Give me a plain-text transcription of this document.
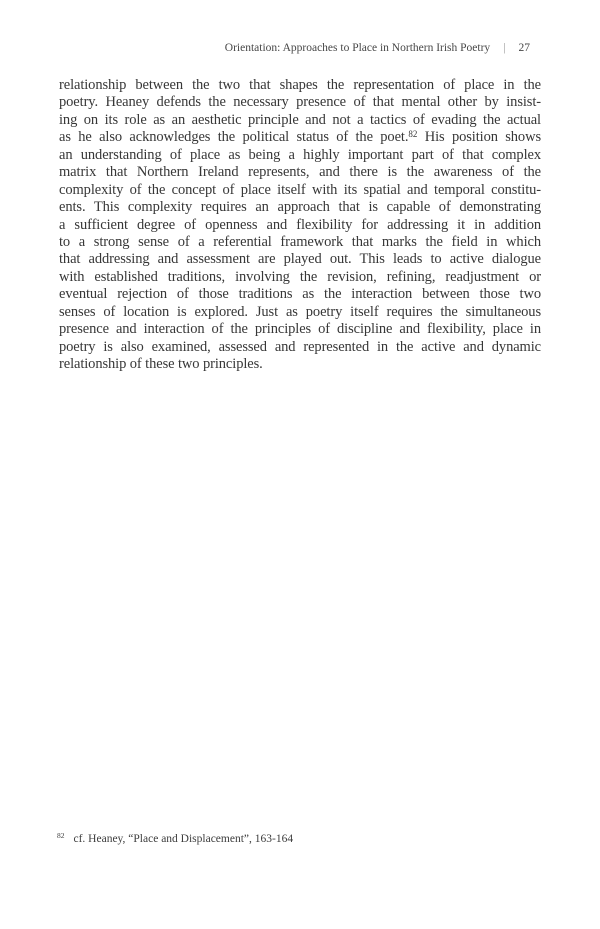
Orientation: Approaches to Place in Northern Irish Poetry | 27
relationship between the two that shapes the representation of place in the
poetry. Heaney defends the necessary presence of that mental other by insist-
ing on its role as an aesthetic principle and not a tactics of evading the actual
as he also acknowledges the political status of the poet.$^{82}$ His position shows
an understanding of place as being a highly important part of that complex
matrix that Northern Ireland represents, and there is the awareness of the
complexity of the concept of place itself with its spatial and temporal constitu-
ents. This complexity requires an approach that is capable of demonstrating
a sufficient degree of openness and flexibility for addressing it in addition
to a strong sense of a referential framework that marks the field in which
that addressing and assessment are played out. This leads to active dialogue
with established traditions, involving the revision, refining, readjustment or
eventual rejection of those traditions as the interaction between those two
senses of location is explored. Just as poetry itself requires the simultaneous
presence and interaction of the principles of discipline and flexibility, place in
poetry is also examined, assessed and represented in the active and dynamic
relationship of these two principles.
$^{82}$ cf. Heaney, “Place and Displacement”, 163-164
